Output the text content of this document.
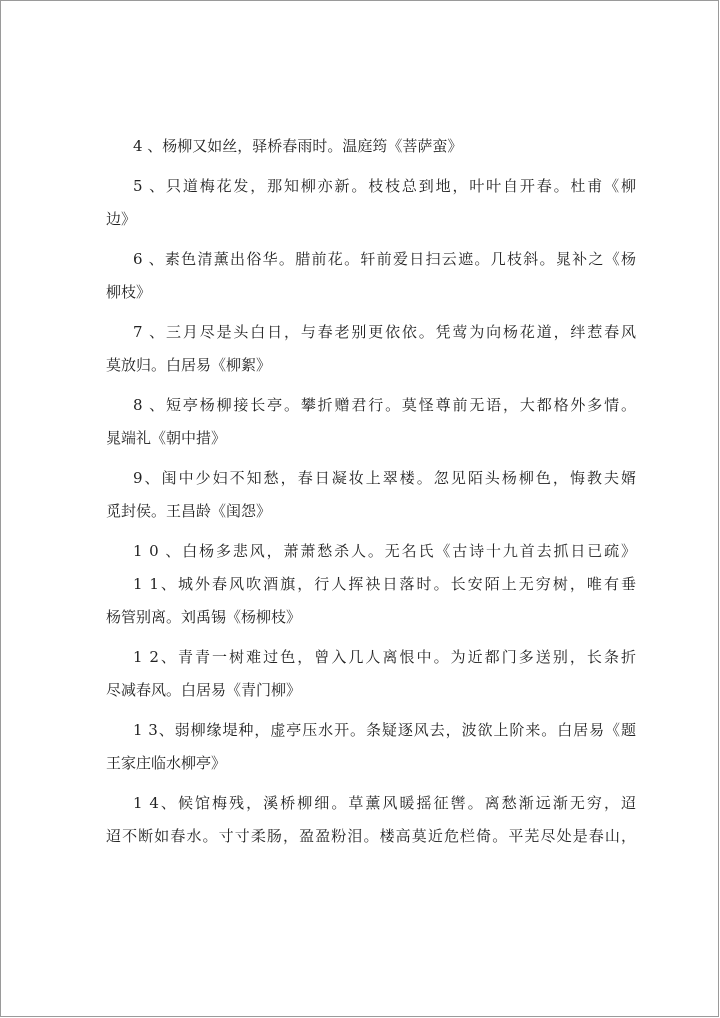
4 、杨柳又如丝，驿桥春雨时。温庭筠《菩萨蛮》
5 、只道梅花发，那知柳亦新。枝枝总到地，叶叶自开春。杜甫《柳
边》
6 、素色清薰出俗华。腊前花。轩前爱日扫云遮。几枝斜。晁补之《杨
柳枝》
7 、三月尽是头白日，与春老别更依依。凭莺为向杨花道，绊惹春风
莫放归。白居易《柳絮》
8 、短亭杨柳接长亭。攀折赠君行。莫怪尊前无语，大都格外多情。
晁端礼《朝中措》
9、闺中少妇不知愁，春日凝妆上翠楼。忽见陌头杨柳色，悔教夫婿
觅封侯。王昌龄《闺怨》
1 0 、白杨多悲风，萧萧愁杀人。无名氏《古诗十九首去抓日已疏》
1 1、城外春风吹酒旗，行人挥袂日落时。长安陌上无穷树，唯有垂
杨管别离。刘禹锡《杨柳枝》
1 2、青青一树难过色，曾入几人离恨中。为近都门多送别，长条折
尽减春风。白居易《青门柳》
1 3、弱柳缘堤种，虚亭压水开。条疑逐风去，波欲上阶来。白居易《题
王家庄临水柳亭》
1 4、候馆梅残，溪桥柳细。草薰风暖摇征辔。离愁渐远渐无穷，迢
迢不断如春水。寸寸柔肠，盈盈粉泪。楼高莫近危栏倚。平芜尽处是春山，
